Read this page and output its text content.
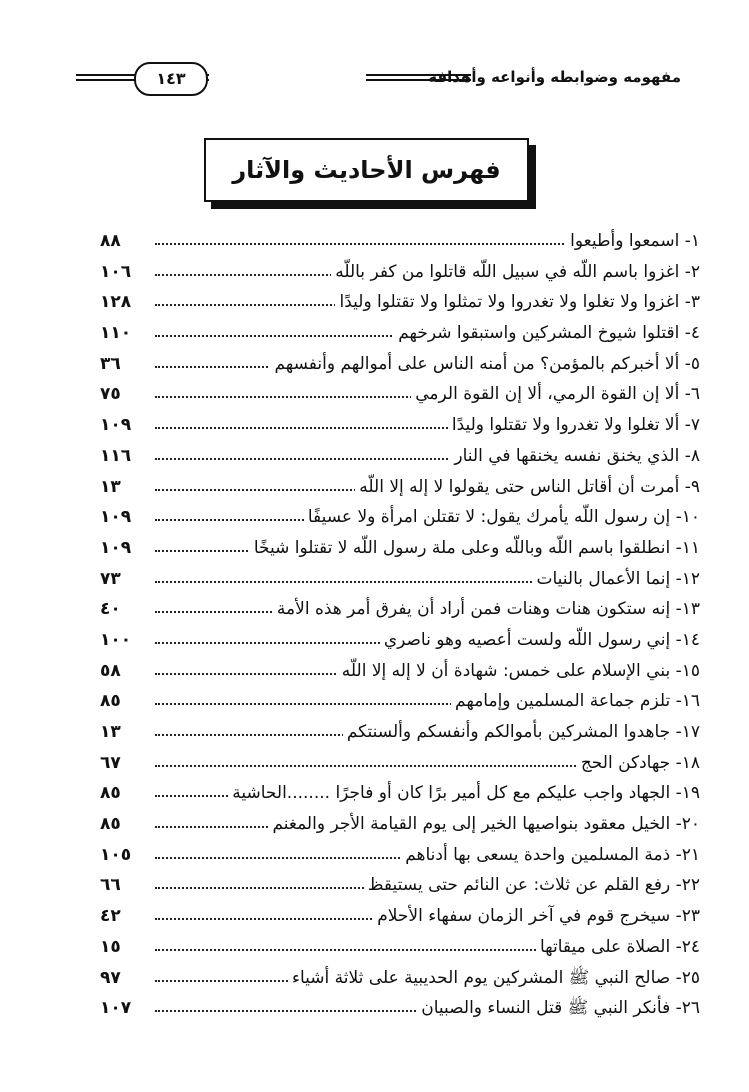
مفهومه وضوابطه وأنواعه وأهدافه
١٤٣
فهرس الأحاديث والآثار
١- اسمعوا وأطيعوا
٨٨
٢- اغزوا باسم اللّه في سبيل اللّه قاتلوا من كفر باللّه
١٠٦
٣- اغزوا ولا تغلوا ولا تغدروا ولا تمثلوا ولا تقتلوا وليدًا
١٢٨
٤- اقتلوا شيوخ المشركين واستبقوا شرخهم
١١٠
٥- ألا أخبركم بالمؤمن؟ من أمنه الناس على أموالهم وأنفسهم
٣٦
٦- ألا إن القوة الرمي، ألا إن القوة الرمي
٧٥
٧- ألا تغلوا ولا تغدروا ولا تقتلوا وليدًا
١٠٩
٨- الذي يخنق نفسه يخنقها في النار
١١٦
٩- أمرت أن أقاتل الناس حتى يقولوا لا إله إلا اللّه
١٣
١٠- إن رسول اللّه يأمرك يقول: لا تقتلن امرأة ولا عسيفًا
١٠٩
١١- انطلقوا باسم اللّه وباللّه وعلى ملة رسول اللّه لا تقتلوا شيخًا
١٠٩
١٢- إنما الأعمال بالنيات
٧٣
١٣- إنه ستكون هنات وهنات فمن أراد أن يفرق أمر هذه الأمة
٤٠
١٤- إني رسول اللّه ولست أعصيه وهو ناصري
١٠٠
١٥- بني الإسلام على خمس: شهادة أن لا إله إلا اللّه
٥٨
١٦- تلزم جماعة المسلمين وإمامهم
٨٥
١٧- جاهدوا المشركين بأموالكم وأنفسكم وألسنتكم
١٣
١٨- جهادكن الحج
٦٧
١٩- الجهاد واجب عليكم مع كل أمير برًا كان أو فاجرًا ........الحاشية
٨٥
٢٠- الخيل معقود بنواصيها الخير إلى يوم القيامة الأجر والمغنم
٨٥
٢١- ذمة المسلمين واحدة يسعى بها أدناهم
١٠٥
٢٢- رفع القلم عن ثلاث: عن النائم حتى يستيقظ
٦٦
٢٣- سيخرج قوم في آخر الزمان سفهاء الأحلام
٤٢
٢٤- الصلاة على ميقاتها
١٥
٢٥- صالح النبي ﷺ المشركين يوم الحديبية على ثلاثة أشياء
٩٧
٢٦- فأنكر النبي ﷺ قتل النساء والصبيان
١٠٧
